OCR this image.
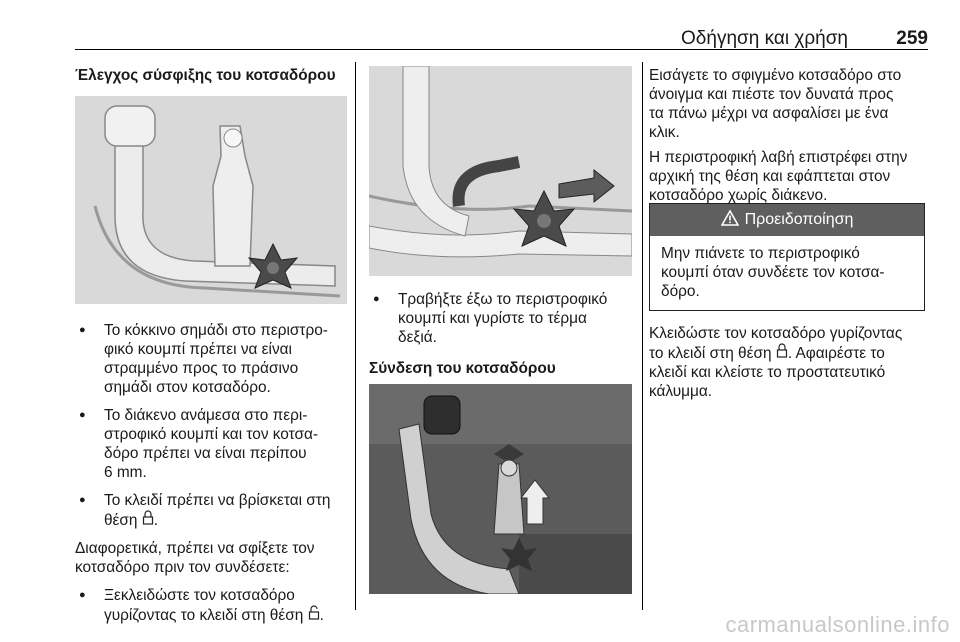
Οδήγηση και χρήση	259
Έλεγχος σύσφιξης του κοτσαδόρου
● Το κόκκινο σημάδι στο περιστρο-
φικό κουμπί πρέπει να είναι
στραμμένο προς το πράσινο
σημάδι στον κοτσαδόρο.
● Το διάκενο ανάμεσα στο περι-
στροφικό κουμπί και τον κοτσα-
δόρο πρέπει να είναι περίπου
6 mm.
● Το κλειδί πρέπει να βρίσκεται στη
θέση .

Διαφορετικά, πρέπει να σφίξετε τον
κοτσαδόρο πριν τον συνδέσετε:

● Ξεκλειδώστε τον κοτσαδόρο
γυρίζοντας το κλειδί στη θέση .
● Τραβήξτε έξω το περιστροφικό
κουμπί και γυρίστε το τέρμα
δεξιά.
Σύνδεση του κοτσαδόρου

Εισάγετε το σφιγμένο κοτσαδόρο στο
άνοιγμα και πιέστε τον δυνατά προς
τα πάνω μέχρι να ασφαλίσει με ένα
κλικ.

Η περιστροφική λαβή επιστρέφει στην
αρχική της θέση και εφάπτεται στον
κοτσαδόρο χωρίς διάκενο.

Προειδοποίηση
Μην πιάνετε το περιστροφικό
κουμπί όταν συνδέετε τον κοτσα-
δόρο.

Κλειδώστε τον κοτσαδόρο γυρίζοντας
το κλειδί στη θέση . Αφαιρέστε το
κλειδί και κλείστε το προστατευτικό
κάλυμμα.

carmanualsonline.info
